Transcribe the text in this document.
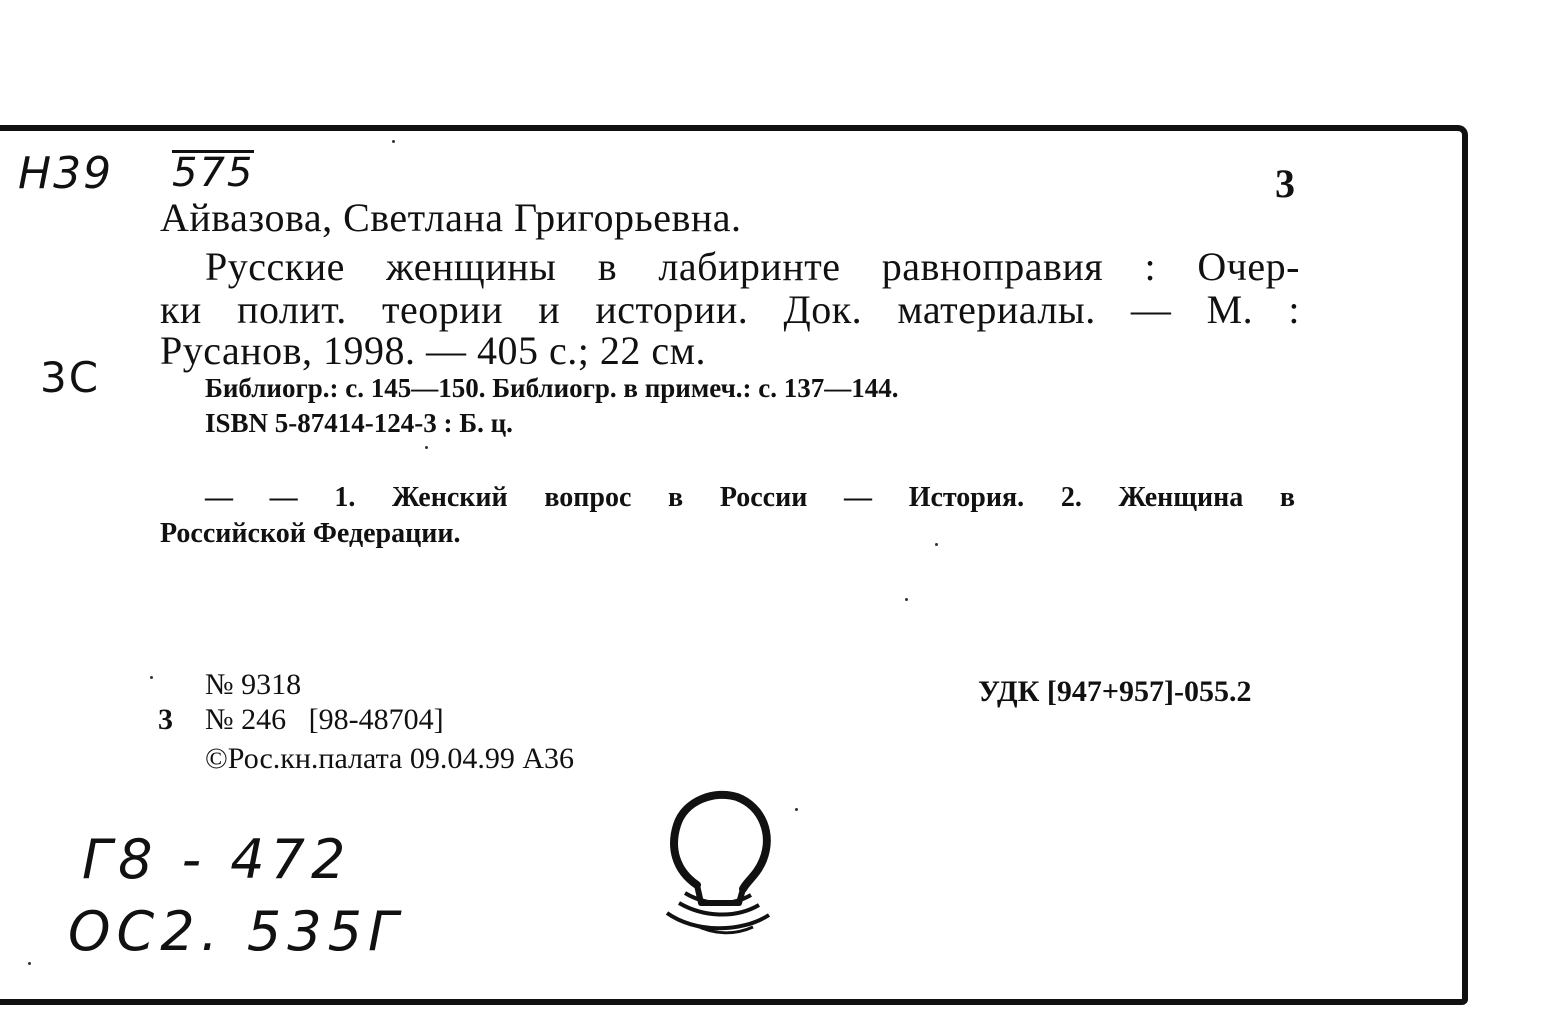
Н39 575
3С
Г8 - 472
ОС2. 535Г
3
Айвазова, Светлана Григорьевна.
Русские женщины в лабиринте равноправия : Очер-
ки полит. теории и истории. Док. материалы. — М. :
Русанов, 1998. — 405 с.; 22 см.
Библиогр.: с. 145—150. Библиогр. в примеч.: с. 137—144.
ISBN 5-87414-124-3 : Б. ц.
— — 1. Женский вопрос в России — История. 2. Женщина в
Российской Федерации.
№ 9318
3 № 246   [98-48704]
©Рос.кн.палата 09.04.99 А36
УДК [947+957]-055.2
